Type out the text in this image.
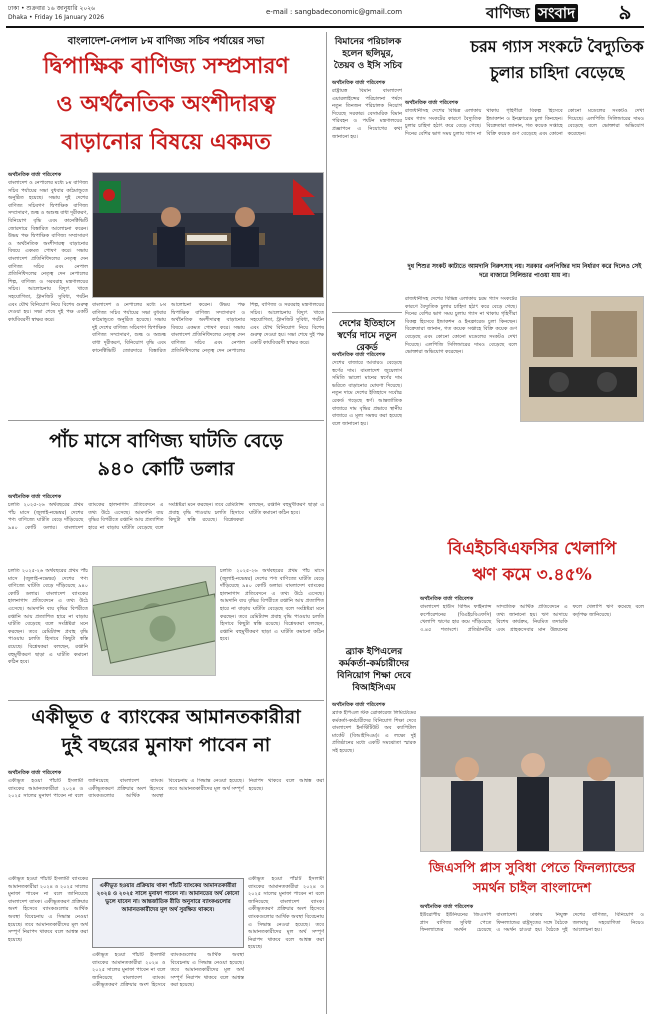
ঢাকা • শুক্রবার ১৬ জানুয়ারি ২০২৬
Dhaka • Friday 16 January 2026
e-mail : sangbadeconomic@gmail.com	বাণিজ্য সংবাদ	৯
বাংলাদেশ-নেপাল ৮ম বাণিজ্য সচিব পর্যায়ের সভা
দ্বিপাক্ষিক বাণিজ্য সম্প্রসারণ
ও অর্থনৈতিক অংশীদারত্ব
বাড়ানোর বিষয়ে একমত
অর্থনৈতিক বার্তা পরিবেশক
বাংলাদেশ ও নেপালের মধ্যে ৮ম বাণিজ্য সচিব পর্যায়ের সভা বুধবার কাঠমান্ডুতে অনুষ্ঠিত হয়েছে। সভায় দুই দেশের বাণিজ্য সচিবগণ দ্বিপাক্ষিক বাণিজ্য সম্প্রসারণ, শুল্ক ও অশুল্ক বাধা দূরীকরণ, বিনিয়োগ বৃদ্ধি এবং কানেক্টিভিটি জোরদারে বিস্তারিত আলোচনা করেন। উভয় পক্ষ দ্বিপাক্ষিক বাণিজ্য সম্প্রসারণ ও অর্থনৈতিক অংশীদারত্ব বাড়ানোর বিষয়ে একমত পোষণ করে। সভায় বাংলাদেশ প্রতিনিধিদলের নেতৃত্ব দেন বাণিজ্য সচিব এবং নেপাল প্রতিনিধিদলের নেতৃত্ব দেন নেপালের শিল্প, বাণিজ্য ও সরবরাহ মন্ত্রণালয়ের সচিব। আলোচনায় বিদ্যুৎ খাতে সহযোগিতা, ট্রানজিট সুবিধা, পর্যটন এবং যৌথ বিনিয়োগ নিয়ে বিশেষ গুরুত্ব দেওয়া হয়। সভা শেষে দুই পক্ষ একটি কার্যবিবরণী স্বাক্ষর করে।
বাংলাদেশ ও নেপালের মধ্যে ৮ম বাণিজ্য সচিব পর্যায়ের সভা বুধবার কাঠমান্ডুতে অনুষ্ঠিত হয়েছে। সভায় দুই দেশের বাণিজ্য সচিবগণ দ্বিপাক্ষিক বাণিজ্য সম্প্রসারণ, শুল্ক ও অশুল্ক বাধা দূরীকরণ, বিনিয়োগ বৃদ্ধি এবং কানেক্টিভিটি জোরদারে বিস্তারিত আলোচনা করেন। উভয় পক্ষ দ্বিপাক্ষিক বাণিজ্য সম্প্রসারণ ও অর্থনৈতিক অংশীদারত্ব বাড়ানোর বিষয়ে একমত পোষণ করে। সভায় বাংলাদেশ প্রতিনিধিদলের নেতৃত্ব দেন বাণিজ্য সচিব এবং নেপাল প্রতিনিধিদলের নেতৃত্ব দেন নেপালের শিল্প, বাণিজ্য ও সরবরাহ মন্ত্রণালয়ের সচিব। আলোচনায় বিদ্যুৎ খাতে সহযোগিতা, ট্রানজিট সুবিধা, পর্যটন এবং যৌথ বিনিয়োগ নিয়ে বিশেষ গুরুত্ব দেওয়া হয়। সভা শেষে দুই পক্ষ একটি কার্যবিবরণী স্বাক্ষর করে।
চরম গ্যাস সংকটে বৈদ্যুতিক
চুলার চাহিদা বেড়েছে
অর্থনৈতিক বার্তা পরিবেশক
রাজধানীসহ দেশের বিভিন্ন এলাকায় চরম গ্যাস সংকটের কারণে বৈদ্যুতিক চুলার চাহিদা হঠাৎ করে বেড়ে গেছে। দিনের বেশির ভাগ সময় চুলায় গ্যাস না থাকায় গৃহিণীরা বিকল্প হিসেবে ইন্ডাকশন ও ইনফ্রারেড চুলা কিনছেন। বিক্রেতারা জানান, গত কয়েক সপ্তাহে বিক্রি কয়েক গুণ বেড়েছে এবং কোনো কোনো মডেলের সংকটও দেখা দিয়েছে। এলপিজি সিলিন্ডারের দামও বেড়েছে বলে ভোক্তারা অভিযোগ করেছেন।
দুধ শিশুর সংকট কাটাতে আমদানি নিরুৎসাহ নয়। সরকার এলপিজির দাম নির্ধারণ করে দিলেও সেই দরে বাজারে সিলিন্ডার পাওয়া যায় না।
রাজধানীসহ দেশের বিভিন্ন এলাকায় চরম গ্যাস সংকটের কারণে বৈদ্যুতিক চুলার চাহিদা হঠাৎ করে বেড়ে গেছে। দিনের বেশির ভাগ সময় চুলায় গ্যাস না থাকায় গৃহিণীরা বিকল্প হিসেবে ইন্ডাকশন ও ইনফ্রারেড চুলা কিনছেন। বিক্রেতারা জানান, গত কয়েক সপ্তাহে বিক্রি কয়েক গুণ বেড়েছে এবং কোনো কোনো মডেলের সংকটও দেখা দিয়েছে। এলপিজি সিলিন্ডারের দামও বেড়েছে বলে ভোক্তারা অভিযোগ করেছেন।
বিমানের পরিচালক হলেন ছলিমুর, তৈয়ব ও ইসি সচিব
অর্থনৈতিক বার্তা পরিবেশক
রাষ্ট্রায়ত্ত বিমান বাংলাদেশ এয়ারলাইন্সের পরিচালনা পর্ষদে নতুন তিনজন পরিচালক নিয়োগ দিয়েছে সরকার। বেসামরিক বিমান পরিবহন ও পর্যটন মন্ত্রণালয়ের প্রজ্ঞাপনে এ নিয়োগের কথা জানানো হয়।
দেশের ইতিহাসে স্বর্ণের দামে নতুন রেকর্ড
অর্থনৈতিক বার্তা পরিবেশক
দেশের বাজারে আবারও বেড়েছে স্বর্ণের দাম। বাংলাদেশ জুয়েলার্স সমিতি ভালো মানের স্বর্ণের দাম ভরিতে বাড়ানোর ঘোষণা দিয়েছে। নতুন দামে দেশের ইতিহাসে সর্বোচ্চ রেকর্ড গড়েছে স্বর্ণ। আন্তর্জাতিক বাজারে দাম বৃদ্ধির প্রভাবে স্থানীয় বাজারে এ মূল্য সমন্বয় করা হয়েছে বলে জানানো হয়।
পাঁচ মাসে বাণিজ্য ঘাটতি বেড়ে
৯৪০ কোটি ডলার
অর্থনৈতিক বার্তা পরিবেশক
চলতি ২০২৫-২৬ অর্থবছরের প্রথম পাঁচ মাসে (জুলাই-নভেম্বর) দেশের পণ্য বাণিজ্যে ঘাটতি বেড়ে দাঁড়িয়েছে ৯৪০ কোটি ডলার। বাংলাদেশ ব্যাংকের হালনাগাদ প্রতিবেদনে এ তথ্য উঠে এসেছে। আমদানি ব্যয় বৃদ্ধির বিপরীতে রপ্তানি আয় প্রত্যাশিত হারে না বাড়ায় ঘাটতি বেড়েছে বলে সংশ্লিষ্টরা মনে করছেন। তবে রেমিট্যান্স প্রবাহ বৃদ্ধি পাওয়ায় চলতি হিসাবে কিছুটা স্বস্তি রয়েছে। বিশ্লেষকরা বলছেন, রপ্তানি বহুমুখীকরণ ছাড়া এ ঘাটতি কমানো কঠিন হবে।
চলতি ২০২৫-২৬ অর্থবছরের প্রথম পাঁচ মাসে (জুলাই-নভেম্বর) দেশের পণ্য বাণিজ্যে ঘাটতি বেড়ে দাঁড়িয়েছে ৯৪০ কোটি ডলার। বাংলাদেশ ব্যাংকের হালনাগাদ প্রতিবেদনে এ তথ্য উঠে এসেছে। আমদানি ব্যয় বৃদ্ধির বিপরীতে রপ্তানি আয় প্রত্যাশিত হারে না বাড়ায় ঘাটতি বেড়েছে বলে সংশ্লিষ্টরা মনে করছেন। তবে রেমিট্যান্স প্রবাহ বৃদ্ধি পাওয়ায় চলতি হিসাবে কিছুটা স্বস্তি রয়েছে। বিশ্লেষকরা বলছেন, রপ্তানি বহুমুখীকরণ ছাড়া এ ঘাটতি কমানো কঠিন হবে।
চলতি ২০২৫-২৬ অর্থবছরের প্রথম পাঁচ মাসে (জুলাই-নভেম্বর) দেশের পণ্য বাণিজ্যে ঘাটতি বেড়ে দাঁড়িয়েছে ৯৪০ কোটি ডলার। বাংলাদেশ ব্যাংকের হালনাগাদ প্রতিবেদনে এ তথ্য উঠে এসেছে। আমদানি ব্যয় বৃদ্ধির বিপরীতে রপ্তানি আয় প্রত্যাশিত হারে না বাড়ায় ঘাটতি বেড়েছে বলে সংশ্লিষ্টরা মনে করছেন। তবে রেমিট্যান্স প্রবাহ বৃদ্ধি পাওয়ায় চলতি হিসাবে কিছুটা স্বস্তি রয়েছে। বিশ্লেষকরা বলছেন, রপ্তানি বহুমুখীকরণ ছাড়া এ ঘাটতি কমানো কঠিন হবে।
বিএইচবিএফসির খেলাপি
ঋণ কমে ৩.৪৫%
অর্থনৈতিক বার্তা পরিবেশক
বাংলাদেশ হাউস বিল্ডিং ফাইন্যান্স কর্পোরেশনের (বিএইচবিএফসি) খেলাপি ঋণের হার কমে দাঁড়িয়েছে ৩.৪৫ শতাংশে। প্রতিষ্ঠানটির সাম্প্রতিক আর্থিক প্রতিবেদনে এ তথ্য জানানো হয়। ঋণ আদায়ে বিশেষ কার্যক্রম, নিয়মিত তদারকি এবং গ্রাহকসেবার মান উন্নয়নের ফলে খেলাপি ঋণ কমেছে বলে কর্তৃপক্ষ জানিয়েছে।
ব্র্যাক ইপিএলের কর্মকর্তা-কর্মচারীদের বিনিয়োগ শিক্ষা দেবে বিআইসিএম
অর্থনৈতিক বার্তা পরিবেশক
ব্র্যাক ইপিএল স্টক ব্রোকারেজ লিমিটেডের কর্মকর্তা-কর্মচারীদের বিনিয়োগ শিক্ষা দেবে বাংলাদেশ ইনস্টিটিউট অব ক্যাপিটাল মার্কেট (বিআইসিএম)। এ লক্ষ্যে দুই প্রতিষ্ঠানের মধ্যে একটি সমঝোতা স্মারক সই হয়েছে।
জিএসপি প্লাস সুবিধা পেতে ফিনল্যান্ডের
সমর্থন চাইল বাংলাদেশ
অর্থনৈতিক বার্তা পরিবেশক
ইউরোপীয় ইউনিয়নের জিএসপি প্লাস বাণিজ্য সুবিধা পেতে ফিনল্যান্ডের সমর্থন চেয়েছে বাংলাদেশ। ঢাকায় নিযুক্ত ফিনল্যান্ডের রাষ্ট্রদূতের সঙ্গে বৈঠকে এ সমর্থন চাওয়া হয়। বৈঠকে দুই দেশের বাণিজ্য, বিনিয়োগ ও জলবায়ু সহযোগিতা নিয়েও আলোচনা হয়।
একীভূত ৫ ব্যাংকের আমানতকারীরা
দুই বছরের মুনাফা পাবেন না
অর্থনৈতিক বার্তা পরিবেশক
একীভূত হওয়া পাঁচটি ইসলামী ব্যাংকের আমানতকারীরা ২০২৪ ও ২০২৫ সালের মুনাফা পাবেন না বলে জানিয়েছে বাংলাদেশ ব্যাংক। একীভূতকরণ প্রক্রিয়ার অংশ হিসেবে ব্যাংকগুলোর আর্থিক অবস্থা বিবেচনায় এ সিদ্ধান্ত নেওয়া হয়েছে। তবে আমানতকারীদের মূল অর্থ সম্পূর্ণ নিরাপদ থাকবে বলে আশ্বস্ত করা হয়েছে।
একীভূত হওয়া পাঁচটি ইসলামী ব্যাংকের আমানতকারীরা ২০২৪ ও ২০২৫ সালের মুনাফা পাবেন না বলে জানিয়েছে বাংলাদেশ ব্যাংক। একীভূতকরণ প্রক্রিয়ার অংশ হিসেবে ব্যাংকগুলোর আর্থিক অবস্থা বিবেচনায় এ সিদ্ধান্ত নেওয়া হয়েছে। তবে আমানতকারীদের মূল অর্থ সম্পূর্ণ নিরাপদ থাকবে বলে আশ্বস্ত করা হয়েছে।
একীভূত হওয়ার প্রক্রিয়ায় থাকা পাঁচটি ব্যাংকের আমানতকারীরা ২০২৪ ও ২০২৫ সালে মুনাফা পাবেন না। আমানতের অর্থ কোনো ভুলে যাবেন না। আন্তর্জাতিক রীতি অনুসারে ব্যাংকগুলোর আমানতকারীদের মূল অর্থ সুরক্ষিত থাকবে।
একীভূত হওয়া পাঁচটি ইসলামী ব্যাংকের আমানতকারীরা ২০২৪ ও ২০২৫ সালের মুনাফা পাবেন না বলে জানিয়েছে বাংলাদেশ ব্যাংক। একীভূতকরণ প্রক্রিয়ার অংশ হিসেবে ব্যাংকগুলোর আর্থিক অবস্থা বিবেচনায় এ সিদ্ধান্ত নেওয়া হয়েছে। তবে আমানতকারীদের মূল অর্থ সম্পূর্ণ নিরাপদ থাকবে বলে আশ্বস্ত করা হয়েছে।
একীভূত হওয়া পাঁচটি ইসলামী ব্যাংকের আমানতকারীরা ২০২৪ ও ২০২৫ সালের মুনাফা পাবেন না বলে জানিয়েছে বাংলাদেশ ব্যাংক। একীভূতকরণ প্রক্রিয়ার অংশ হিসেবে ব্যাংকগুলোর আর্থিক অবস্থা বিবেচনায় এ সিদ্ধান্ত নেওয়া হয়েছে। তবে আমানতকারীদের মূল অর্থ সম্পূর্ণ নিরাপদ থাকবে বলে আশ্বস্ত করা হয়েছে।
